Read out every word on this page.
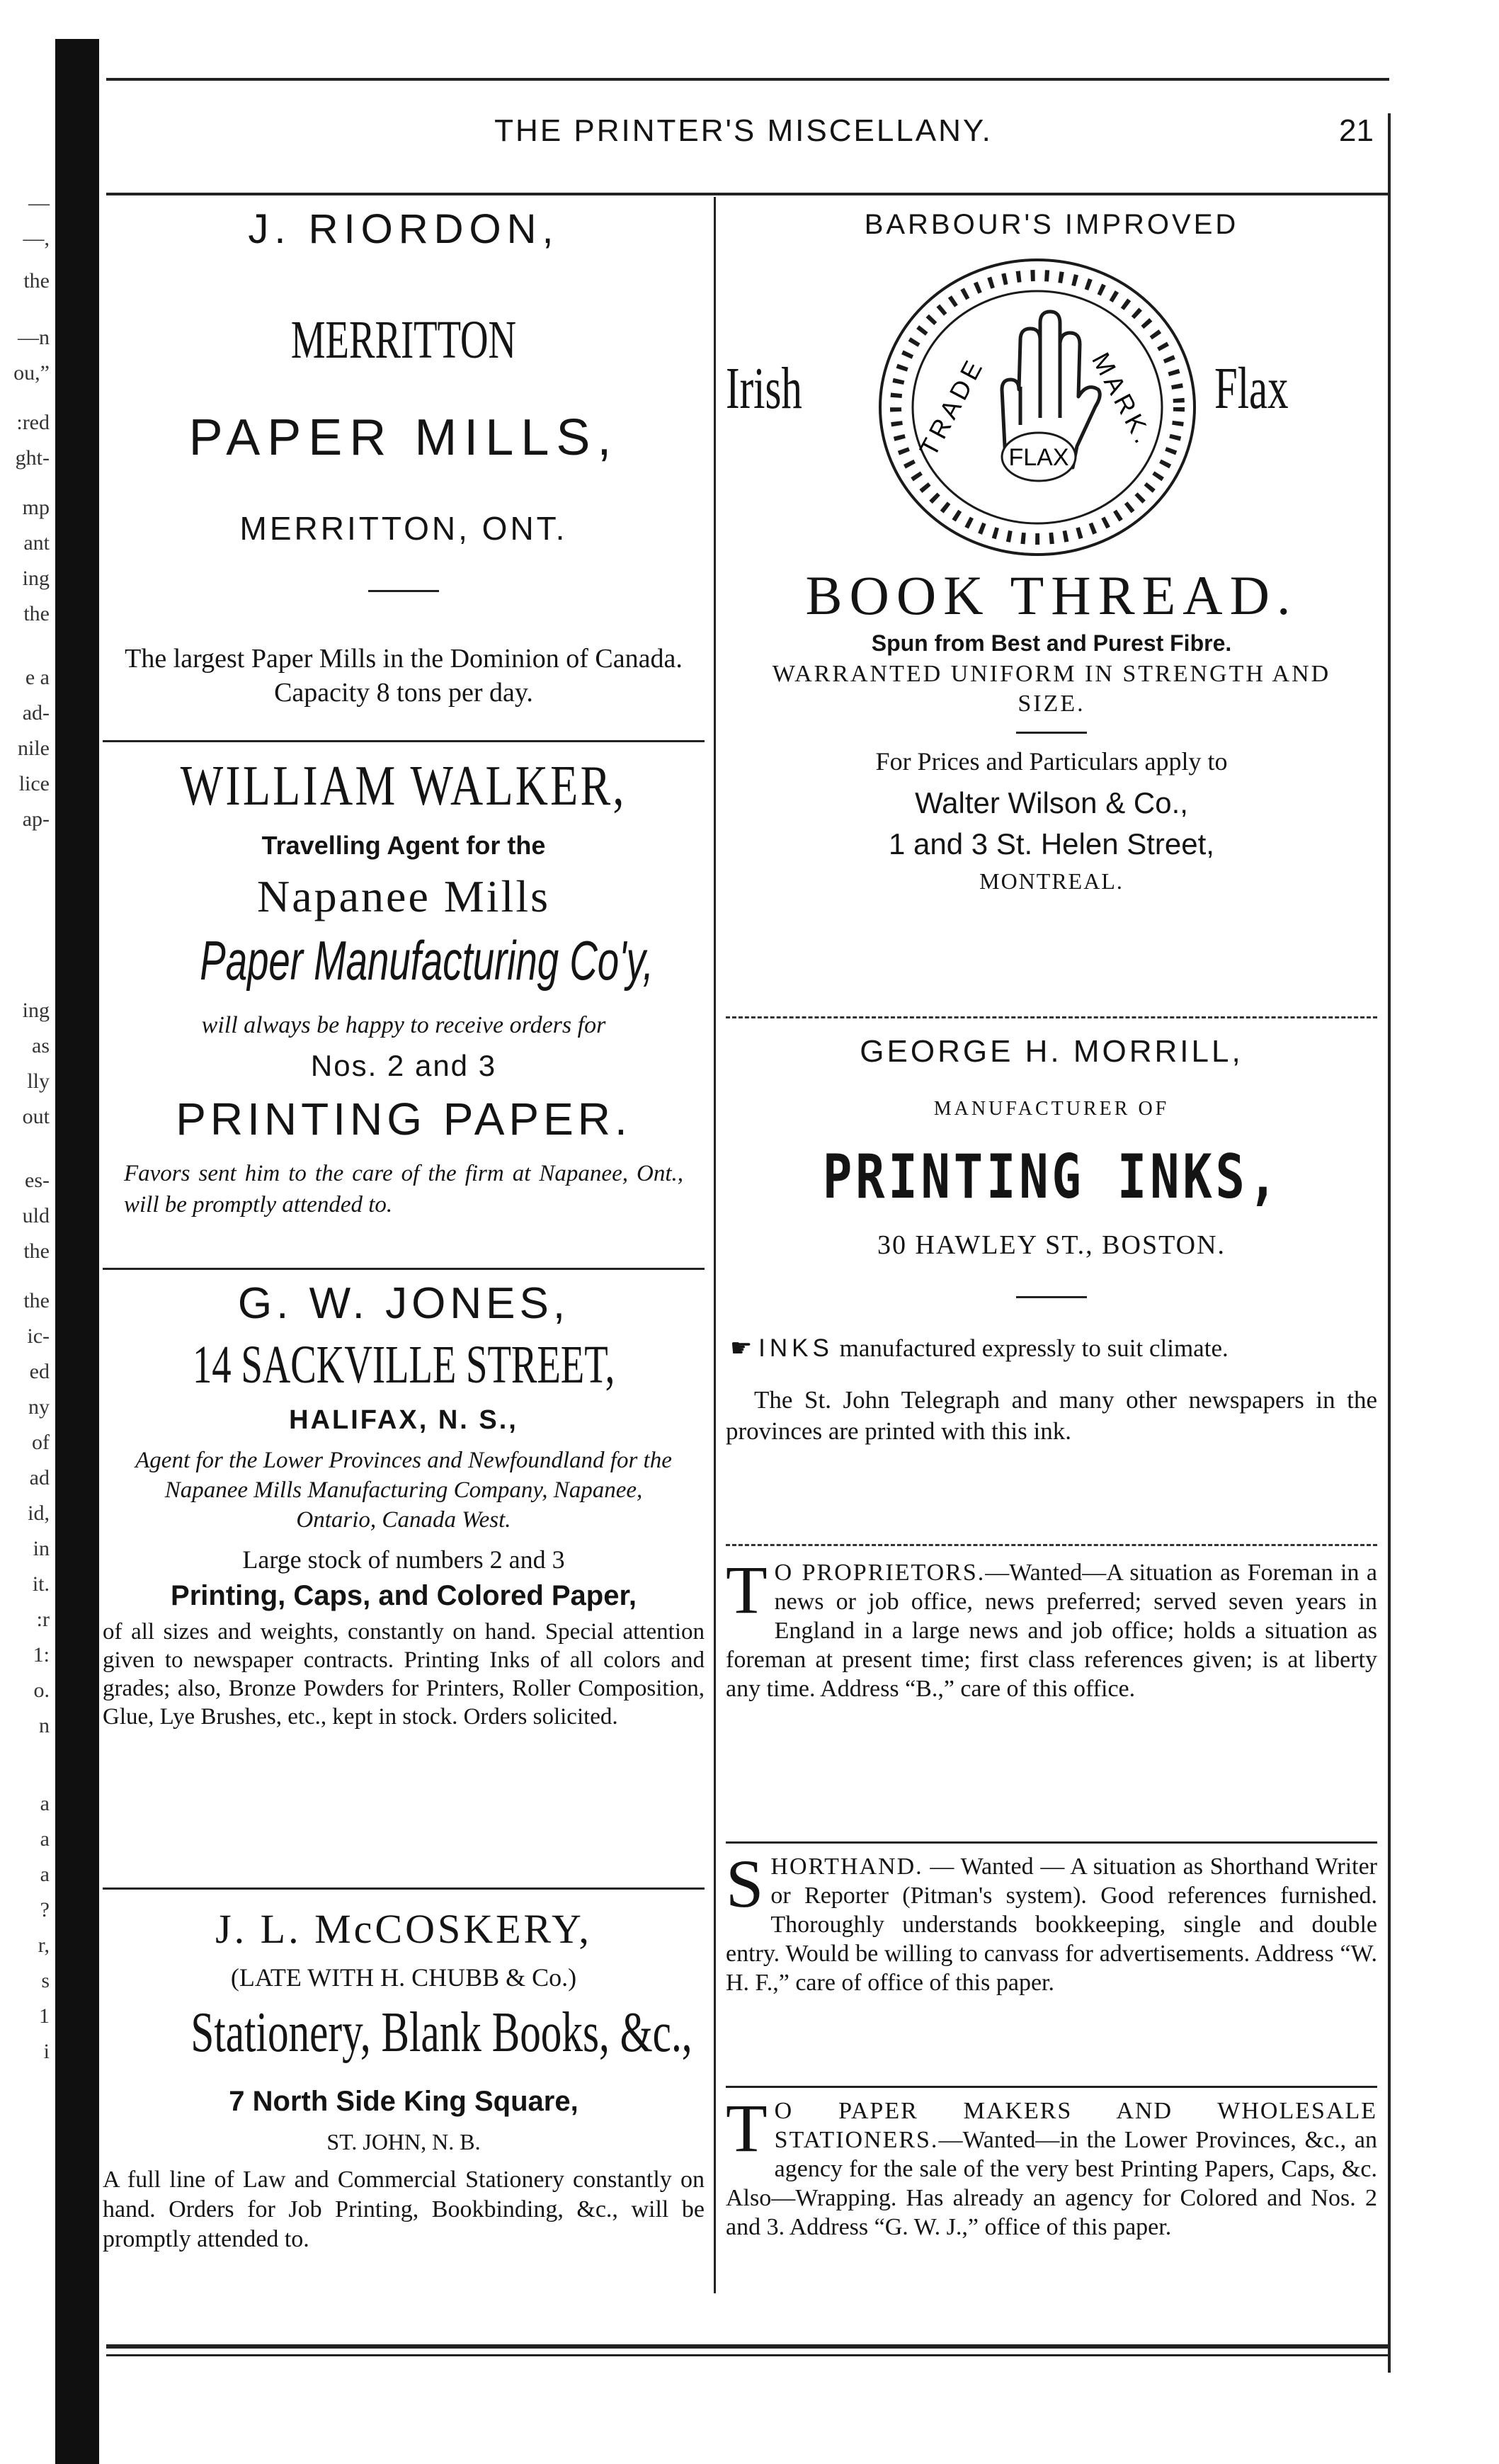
—
—,
the
—n
ou,”
:red
ght-
mp
ant
ing
the
e a
ad-
nile
lice
ap-
ing
as
lly
out
es-
uld
the
the
ic-
ed
ny
of
ad
id,
in
it.
:r
1:
o.
n
a
a
a
?
r,
s
1
i
THE PRINTER'S MISCELLANY.	21
J. RIORDON,
MERRITTON
PAPER MILLS,
MERRITTON, ONT.

The largest Paper Mills in the Dominion of Canada. Capacity 8 tons per day.

WILLIAM WALKER,
Travelling Agent for the
Napanee Mills
Paper Manufacturing Co'y,
will always be happy to receive orders for
Nos. 2 and 3
PRINTING PAPER.

Favors sent him to the care of the firm at Napanee, Ont., will be promptly attended to.

G. W. JONES,
14 SACKVILLE STREET,
HALIFAX, N. S.,

Agent for the Lower Provinces and Newfoundland for the Napanee Mills Manufacturing Company, Napanee, Ontario, Canada West.

Large stock of numbers 2 and 3
Printing, Caps, and Colored Paper,

of all sizes and weights, constantly on hand. Special attention given to newspaper contracts. Printing Inks of all colors and grades; also, Bronze Powders for Printers, Roller Composition, Glue, Lye Brushes, etc., kept in stock. Orders solicited.

J. L. McCOSKERY,
(LATE WITH H. CHUBB & Co.)
Stationery, Blank Books, &c.,
7 North Side King Square,
ST. JOHN, N. B.

A full line of Law and Commercial Stationery constantly on hand. Orders for Job Printing, Bookbinding, &c., will be promptly attended to.

BARBOUR'S IMPROVED
Irish
FLAX
TRADE	MARK. Flax
BOOK THREAD.
Spun from Best and Purest Fibre.

WARRANTED UNIFORM IN STRENGTH AND SIZE.

For Prices and Particulars apply to
Walter Wilson & Co.,
1 and 3 St. Helen Street,
MONTREAL.
GEORGE H. MORRILL,
MANUFACTURER OF
PRINTING INKS,
30 HAWLEY ST., BOSTON.

☛ INKS manufactured expressly to suit climate.

The St. John Telegraph and many other newspapers in the provinces are printed with this ink.

T O PROPRIETORS.—Wanted—A situation as Foreman in a news or job office, news preferred; served seven years in England in a large news and job office; holds a situation as foreman at present time; first class references given; is at liberty any time. Address “B.,” care of this office.

SHORTHAND. — Wanted — A situation as Shorthand Writer or Reporter (Pitman's system). Good references furnished. Thoroughly understands bookkeeping, single and double entry. Would be willing to canvass for advertisements. Address “W. H. F.,” care of office of this paper.

T O PAPER MAKERS AND WHOLESALE STATIONERS.—Wanted—in the Lower Provinces, &c., an agency for the sale of the very best Printing Papers, Caps, &c. Also—Wrapping. Has already an agency for Colored and Nos. 2 and 3. Address “G. W. J.,” office of this paper.
